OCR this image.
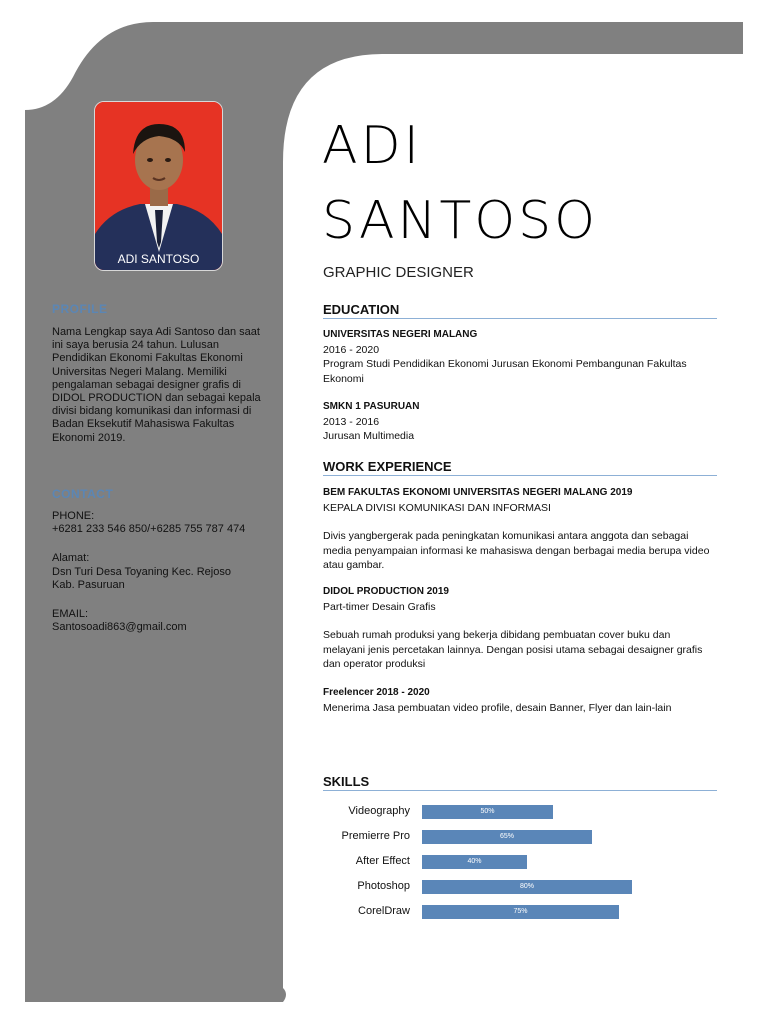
ADI SANTOSO
PROFILE
Nama Lengkap saya Adi Santoso dan saat ini saya berusia 24 tahun. Lulusan Pendidikan Ekonomi Fakultas Ekonomi Universitas Negeri Malang. Memiliki pengalaman sebagai designer grafis di DIDOL PRODUCTION dan sebagai kepala divisi bidang komunikasi dan informasi di Badan Eksekutif Mahasiswa Fakultas Ekonomi 2019.
CONTACT

PHONE:

+6281 233 546 850/+6285 755 787 474

Alamat:

Dsn Turi Desa Toyaning Kec. Rejoso Kab. Pasuruan

EMAIL:

Santosoadi863@gmail.com

ADI
SANTOSO
GRAPHIC DESIGNER
EDUCATION

UNIVERSITAS NEGERI MALANG

2016 - 2020

Program Studi Pendidikan Ekonomi Jurusan Ekonomi Pembangunan Fakultas Ekonomi

SMKN 1 PASURUAN

2013 - 2016

Jurusan Multimedia

WORK EXPERIENCE

BEM FAKULTAS EKONOMI UNIVERSITAS NEGERI MALANG 2019

KEPALA DIVISI KOMUNIKASI DAN INFORMASI

Divis yangbergerak pada peningkatan komunikasi antara anggota dan sebagai media penyampaian informasi ke mahasiswa dengan berbagai media berupa video atau gambar.

DIDOL PRODUCTION 2019

Part-timer Desain Grafis

Sebuah rumah produksi yang bekerja dibidang pembuatan cover buku dan melayani jenis percetakan lainnya. Dengan posisi utama sebagai desaigner grafis dan operator produksi

Freelencer 2018 - 2020

Menerima Jasa pembuatan video profile, desain Banner, Flyer dan lain-lain

SKILLS
Videography	50%
Premierre Pro	65%
After Effect	40%
Photoshop	80%
CorelDraw	75%
